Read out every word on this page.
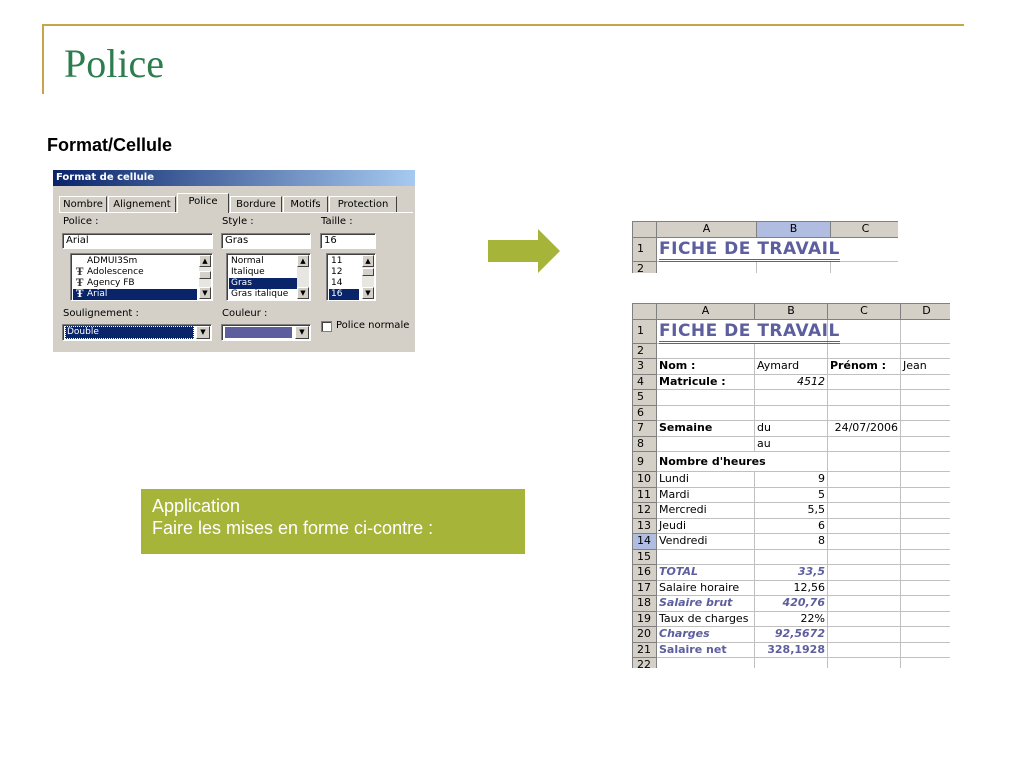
Police
Format/Cellule
Format de cellule
Nombre	Alignement	Police	Bordure	Motifs	Protection
Police :
Arial
Ŧ
Ŧ
Ŧ
ADMUI3Sm
Adolescence
Agency FB
Arial
▲
▼
Style :
Gras
Normal
Italique
Gras
Gras italique
▲
▼
Taille :
16
11
12
14
16
▲
▼
Soulignement :
Double	▼
Couleur :
▼
Police normale
Application
Faire les mises en forme ci-contre :
	A	B	C
1	FICHE DE TRAVAIL		
2			
	A	B	C	D
1	FICHE DE TRAVAIL			
2				
3	Nom :	Aymard	Prénom :	Jean
4	Matricule :	4512		
5				
6				
7	Semaine	du	24/07/2006	
8		au		
9	Nombre d'heures			
10	Lundi	9		
11	Mardi	5		
12	Mercredi	5,5		
13	Jeudi	6		
14	Vendredi	8		
15				
16	TOTAL	33,5		
17	Salaire horaire	12,56		
18	Salaire brut	420,76		
19	Taux de charges	22%		
20	Charges	92,5672		
21	Salaire net	328,1928		
22				
